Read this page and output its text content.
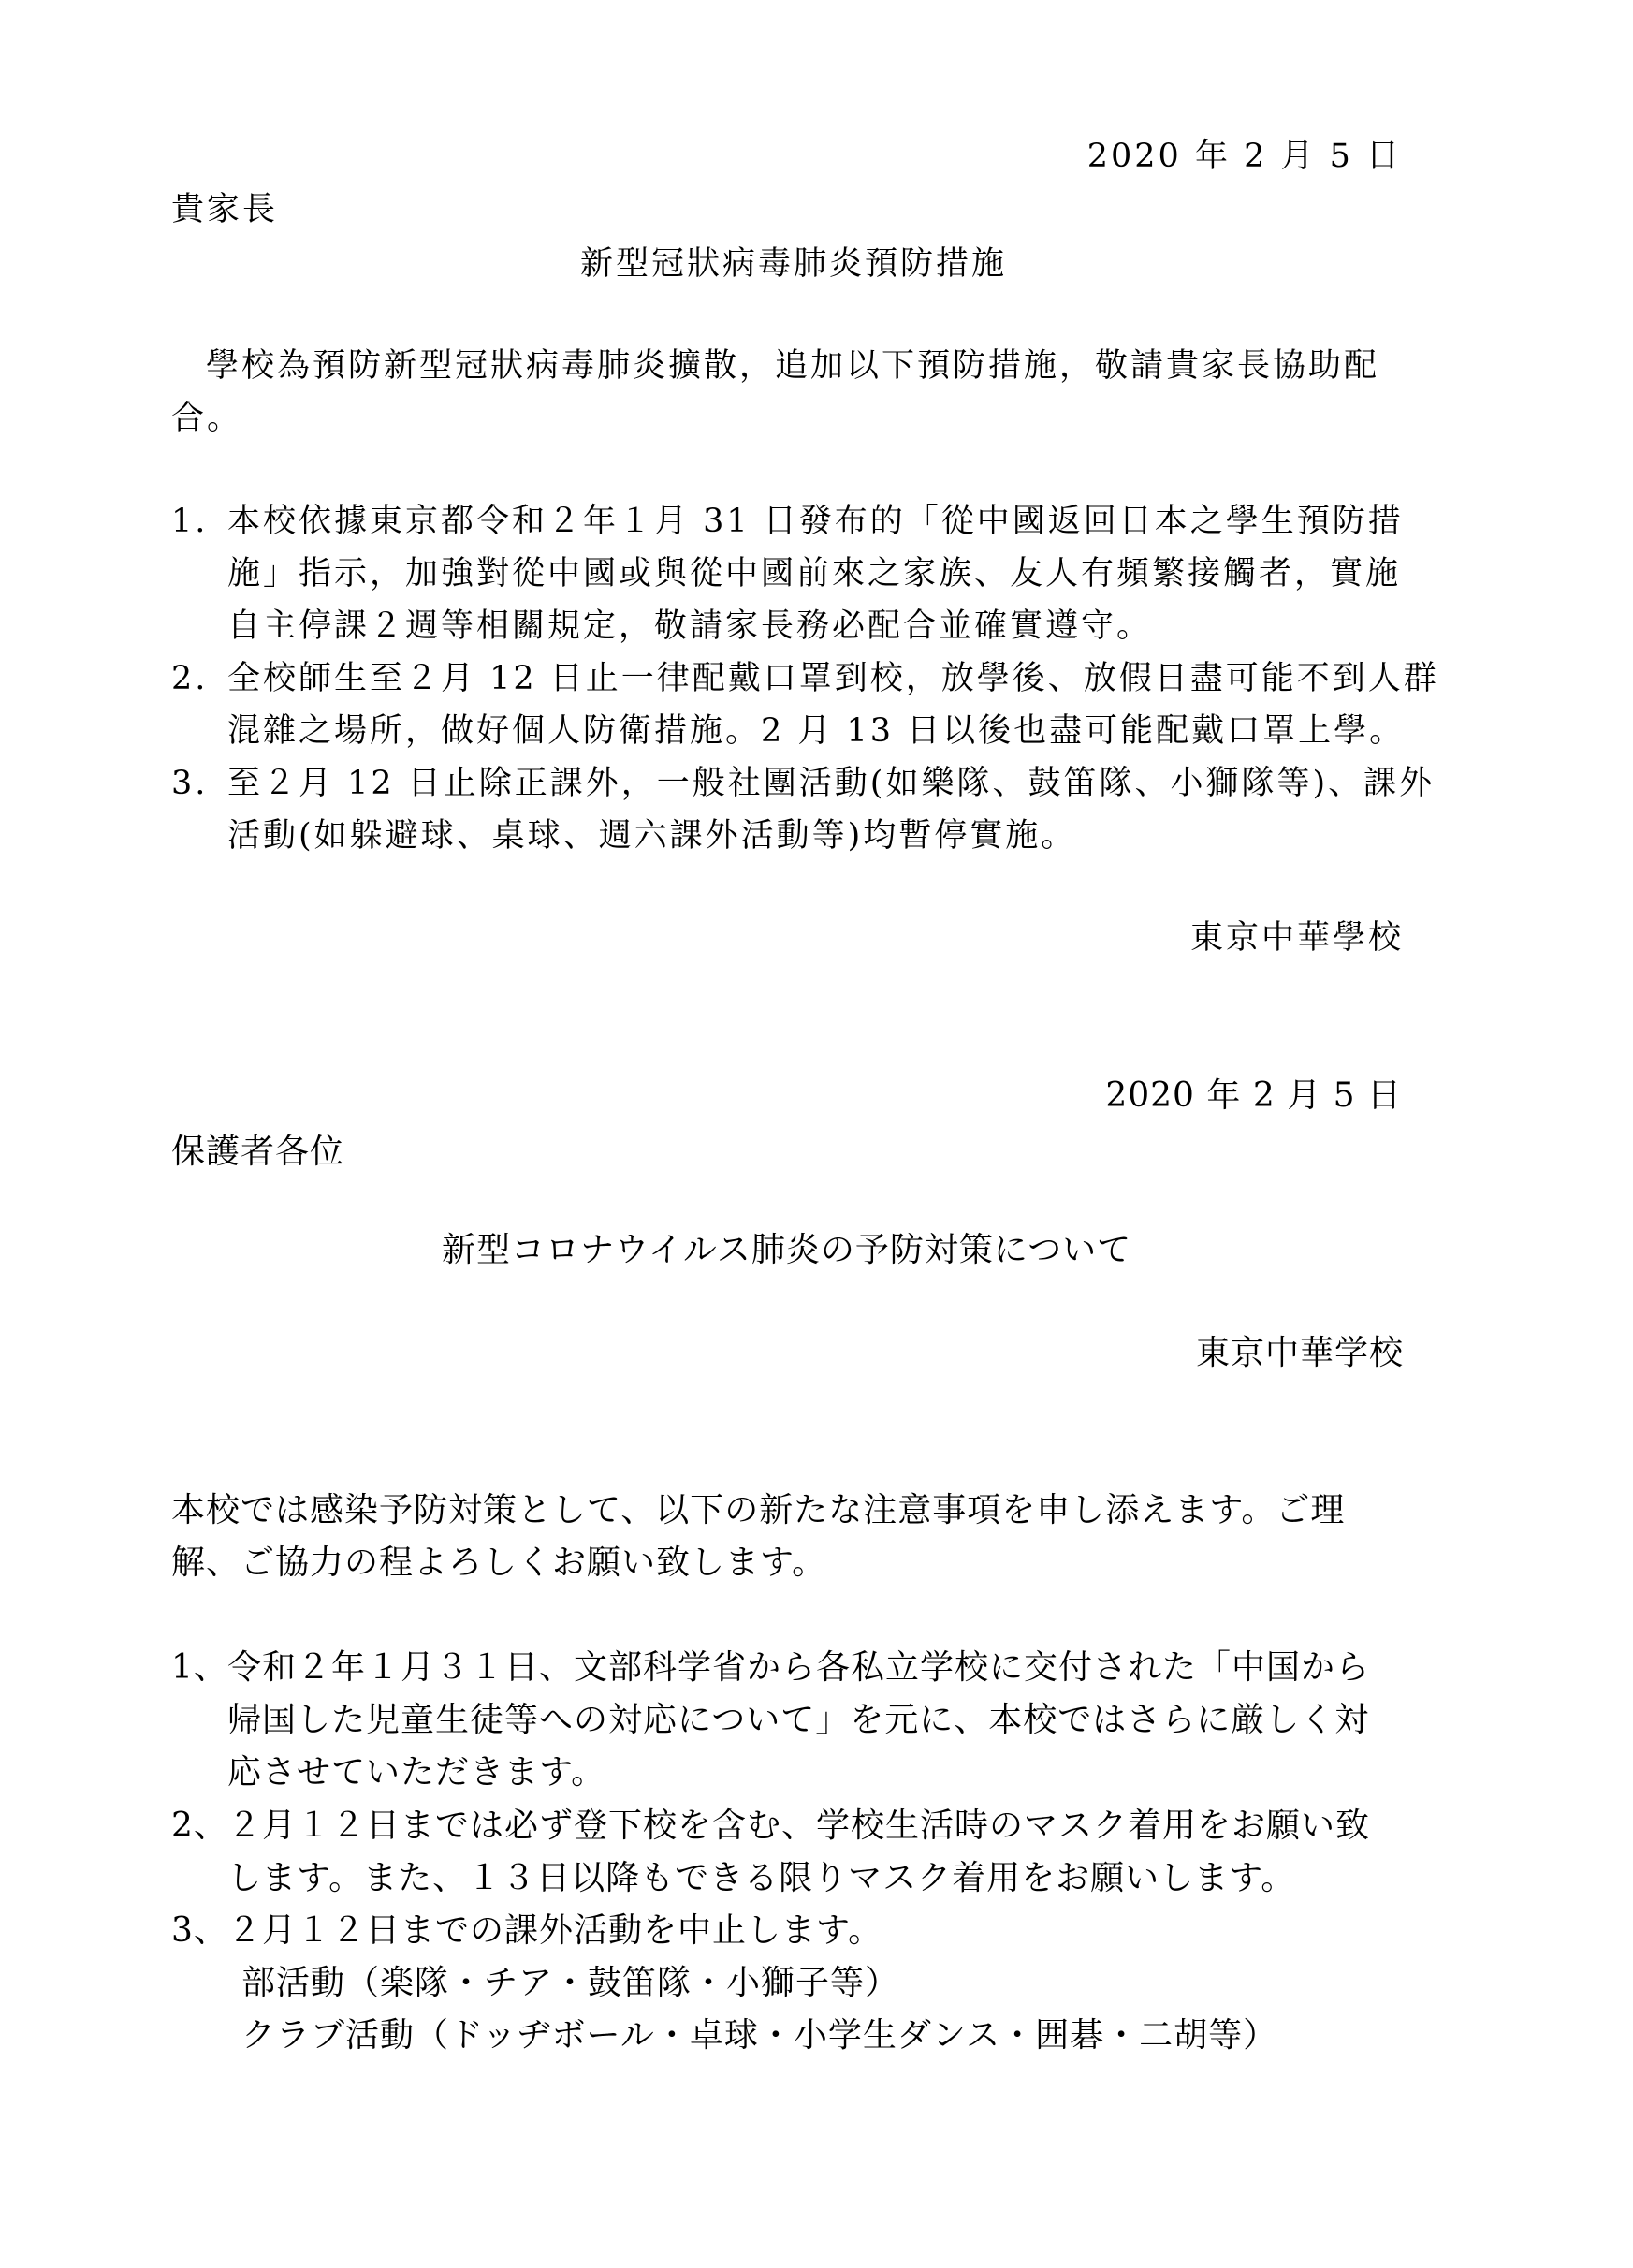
2020 年 2 月 5 日
貴家長
新型冠狀病毒肺炎預防措施
學校為預防新型冠狀病毒肺炎擴散，追加以下預防措施，敬請貴家長協助配
合。
1. 本校依據東京都令和２年１月 31 日發布的「從中國返回日本之學生預防措
施」指示，加強對從中國或與從中國前來之家族、友人有頻繁接觸者，實施
自主停課２週等相關規定，敬請家長務必配合並確實遵守。
2. 全校師生至２月 12 日止一律配戴口罩到校，放學後、放假日盡可能不到人群
混雜之場所，做好個人防衛措施。2 月 13 日以後也盡可能配戴口罩上學。
3. 至２月 12 日止除正課外，一般社團活動(如樂隊、鼓笛隊、小獅隊等)、課外
活動(如躲避球、桌球、週六課外活動等)均暫停實施。
東京中華學校
2020 年 2 月 5 日
保護者各位
新型コロナウイルス肺炎の予防対策について
東京中華学校
本校では感染予防対策として、以下の新たな注意事項を申し添えます。ご理
解、ご協力の程よろしくお願い致します。
1、 令和２年１月３１日、文部科学省から各私立学校に交付された「中国から
帰国した児童生徒等への対応について」を元に、本校ではさらに厳しく対
応させていただきます。
2、 ２月１２日までは必ず登下校を含む、学校生活時のマスク着用をお願い致
します。また、１３日以降もできる限りマスク着用をお願いします。
3、 ２月１２日までの課外活動を中止します。
部活動（楽隊・チア・鼓笛隊・小獅子等）
クラブ活動（ドッヂボール・卓球・小学生ダンス・囲碁・二胡等）
